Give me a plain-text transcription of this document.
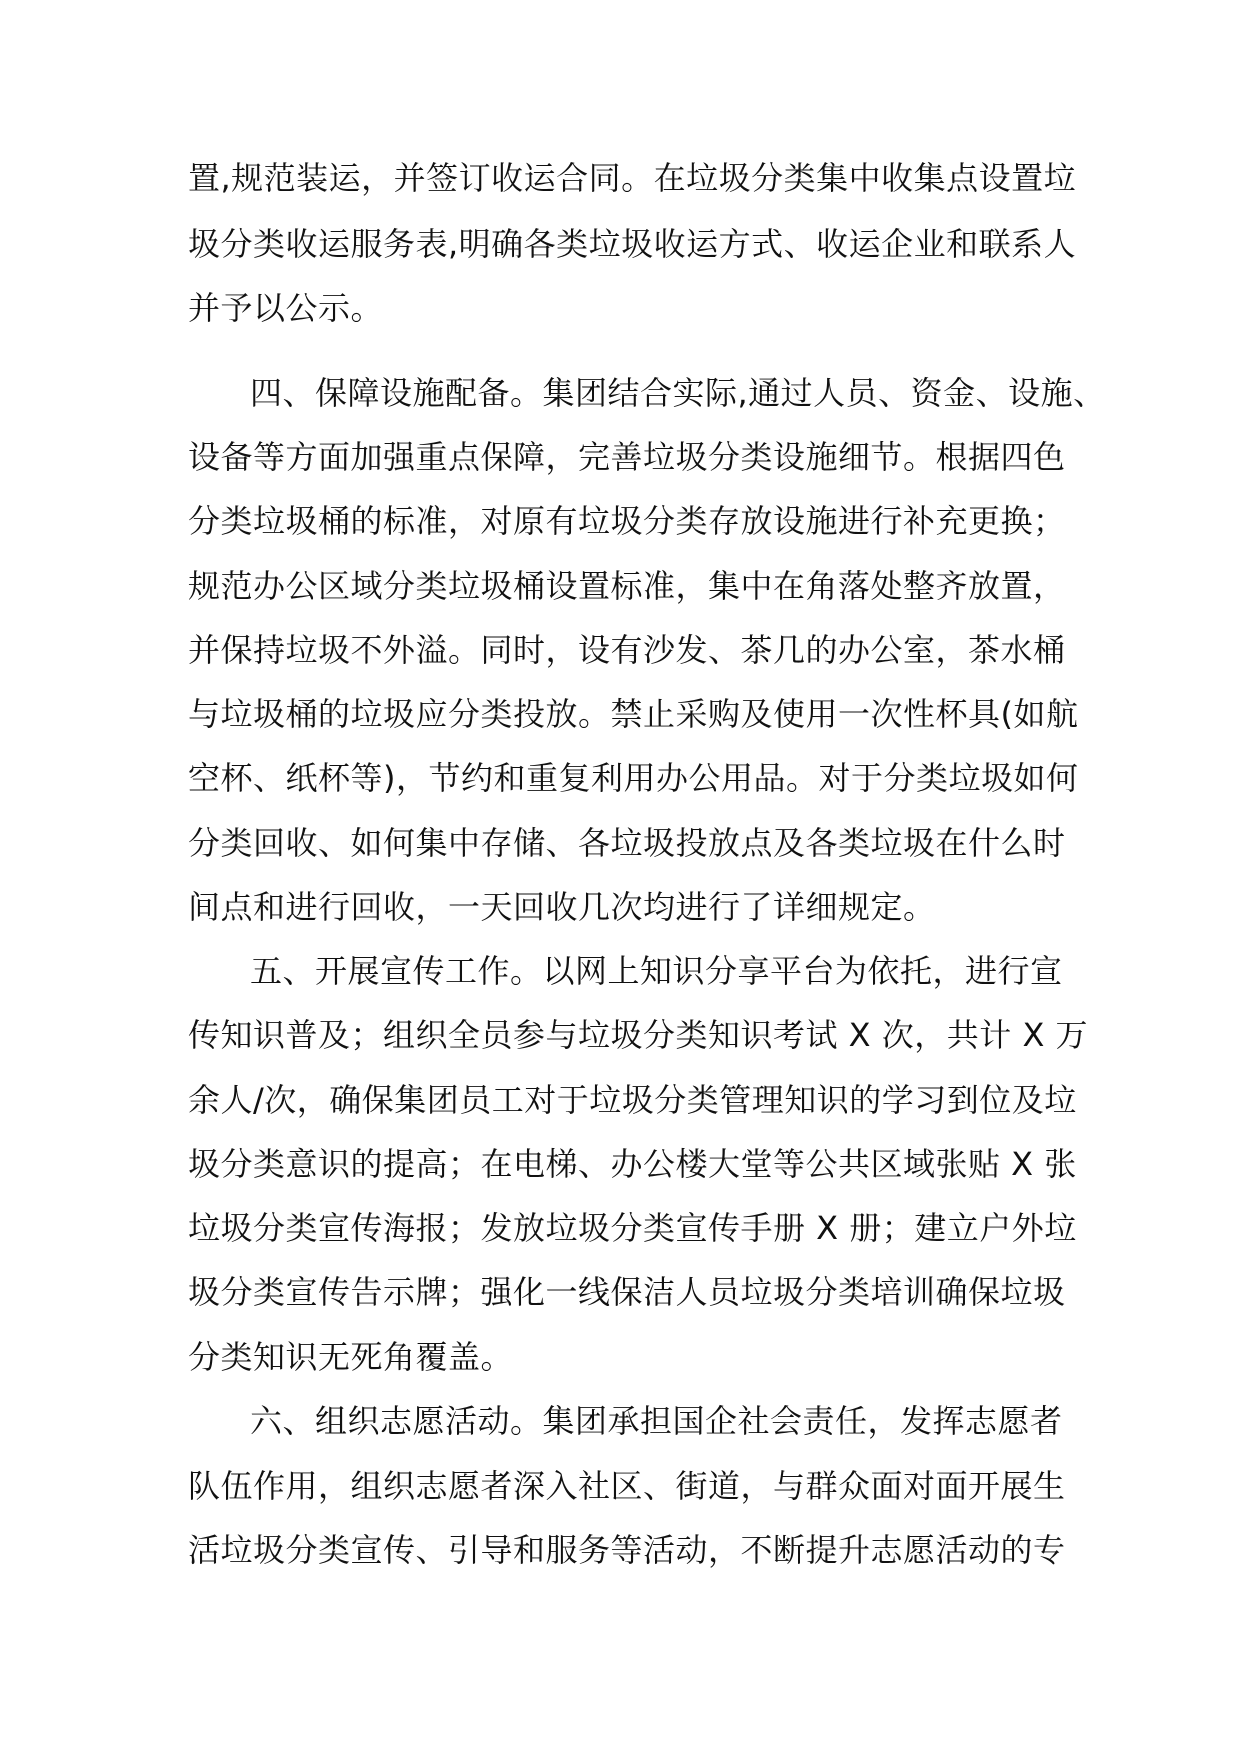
置,规范装运，并签订收运合同。在垃圾分类集中收集点设置垃
圾分类收运服务表,明确各类垃圾收运方式、收运企业和联系人
并予以公示。
四、保障设施配备。集团结合实际,通过人员、资金、设施、
设备等方面加强重点保障，完善垃圾分类设施细节。根据四色
分类垃圾桶的标准，对原有垃圾分类存放设施进行补充更换；
规范办公区域分类垃圾桶设置标准，集中在角落处整齐放置，
并保持垃圾不外溢。同时，设有沙发、茶几的办公室，茶水桶
与垃圾桶的垃圾应分类投放。禁止采购及使用一次性杯具(如航
空杯、纸杯等)，节约和重复利用办公用品。对于分类垃圾如何
分类回收、如何集中存储、各垃圾投放点及各类垃圾在什么时
间点和进行回收，一天回收几次均进行了详细规定。
五、开展宣传工作。以网上知识分享平台为依托，进行宣
传知识普及；组织全员参与垃圾分类知识考试 X 次，共计 X 万
余人/次，确保集团员工对于垃圾分类管理知识的学习到位及垃
圾分类意识的提高；在电梯、办公楼大堂等公共区域张贴 X 张
垃圾分类宣传海报；发放垃圾分类宣传手册 X 册；建立户外垃
圾分类宣传告示牌；强化一线保洁人员垃圾分类培训确保垃圾
分类知识无死角覆盖。
六、组织志愿活动。集团承担国企社会责任，发挥志愿者
队伍作用，组织志愿者深入社区、街道，与群众面对面开展生
活垃圾分类宣传、引导和服务等活动，不断提升志愿活动的专
